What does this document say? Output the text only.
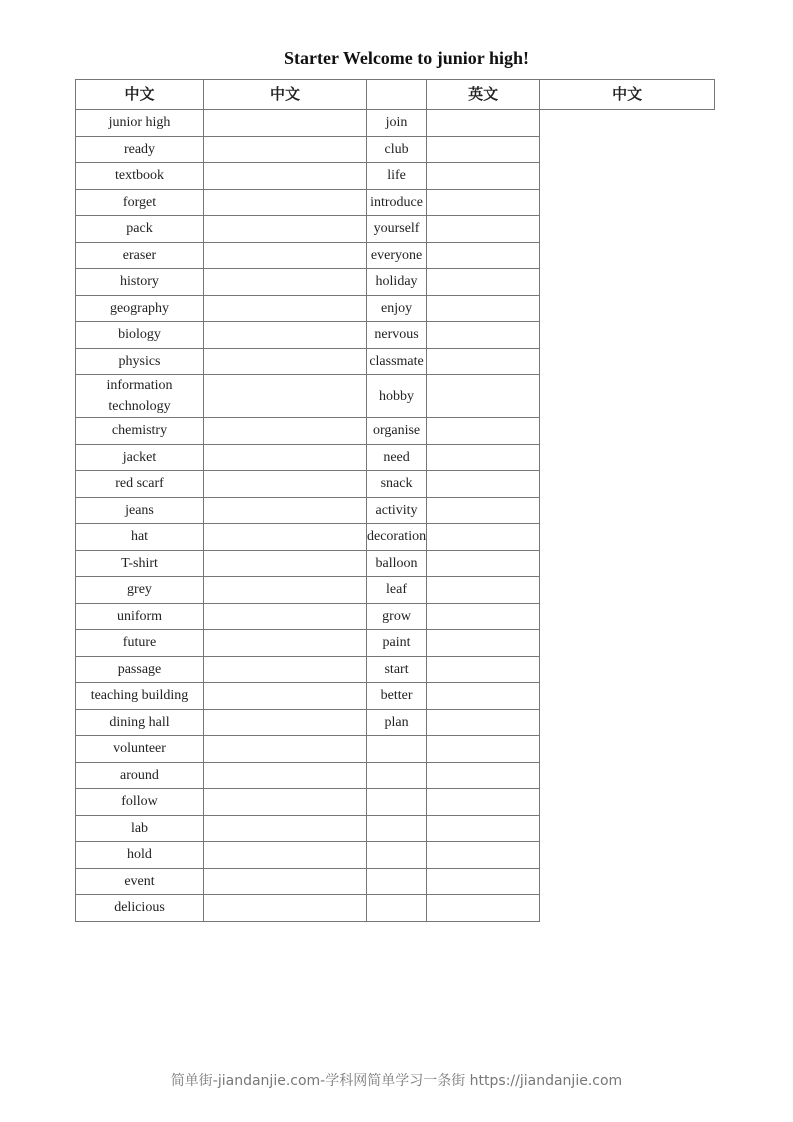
Starter Welcome to junior high!
中文	中文		英文	中文
junior high		join		
ready		club		
textbook		life		
forget		introduce		
pack		yourself		
eraser		everyone		
history		holiday		
geography		enjoy		
biology		nervous		
physics		classmate		
information technology		hobby		
chemistry		organise		
jacket		need		
red scarf		snack		
jeans		activity		
hat		decoration		
T-shirt		balloon		
grey		leaf		
uniform		grow		
future		paint		
passage		start		
teaching building		better		
dining hall		plan		
volunteer				
around				
follow				
lab				
hold				
event				
delicious				
简单街-jiandanjie.com-学科网简单学习一条街 https://jiandanjie.com
